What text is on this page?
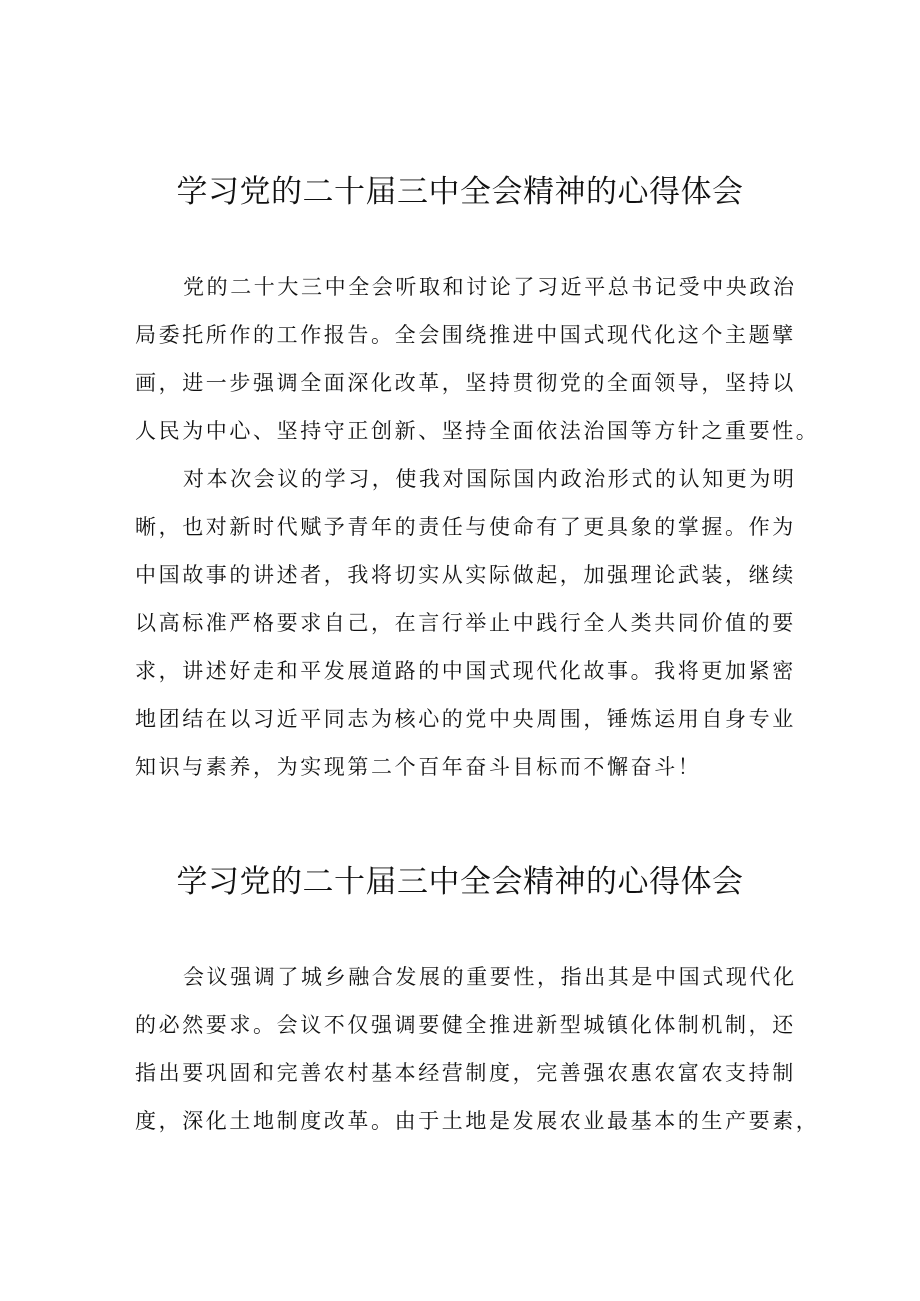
学习党的二十届三中全会精神的心得体会

党的二十大三中全会听取和讨论了习近平总书记受中央政治

局委托所作的工作报告。全会围绕推进中国式现代化这个主题擘

画，进一步强调全面深化改革，坚持贯彻党的全面领导，坚持以

人民为中心、坚持守正创新、坚持全面依法治国等方针之重要性。

对本次会议的学习，使我对国际国内政治形式的认知更为明

晰，也对新时代赋予青年的责任与使命有了更具象的掌握。作为

中国故事的讲述者，我将切实从实际做起，加强理论武装，继续

以高标准严格要求自己，在言行举止中践行全人类共同价值的要

求，讲述好走和平发展道路的中国式现代化故事。我将更加紧密

地团结在以习近平同志为核心的党中央周围，锤炼运用自身专业

知识与素养，为实现第二个百年奋斗目标而不懈奋斗！

学习党的二十届三中全会精神的心得体会

会议强调了城乡融合发展的重要性，指出其是中国式现代化

的必然要求。会议不仅强调要健全推进新型城镇化体制机制，还

指出要巩固和完善农村基本经营制度，完善强农惠农富农支持制

度，深化土地制度改革。由于土地是发展农业最基本的生产要素，
